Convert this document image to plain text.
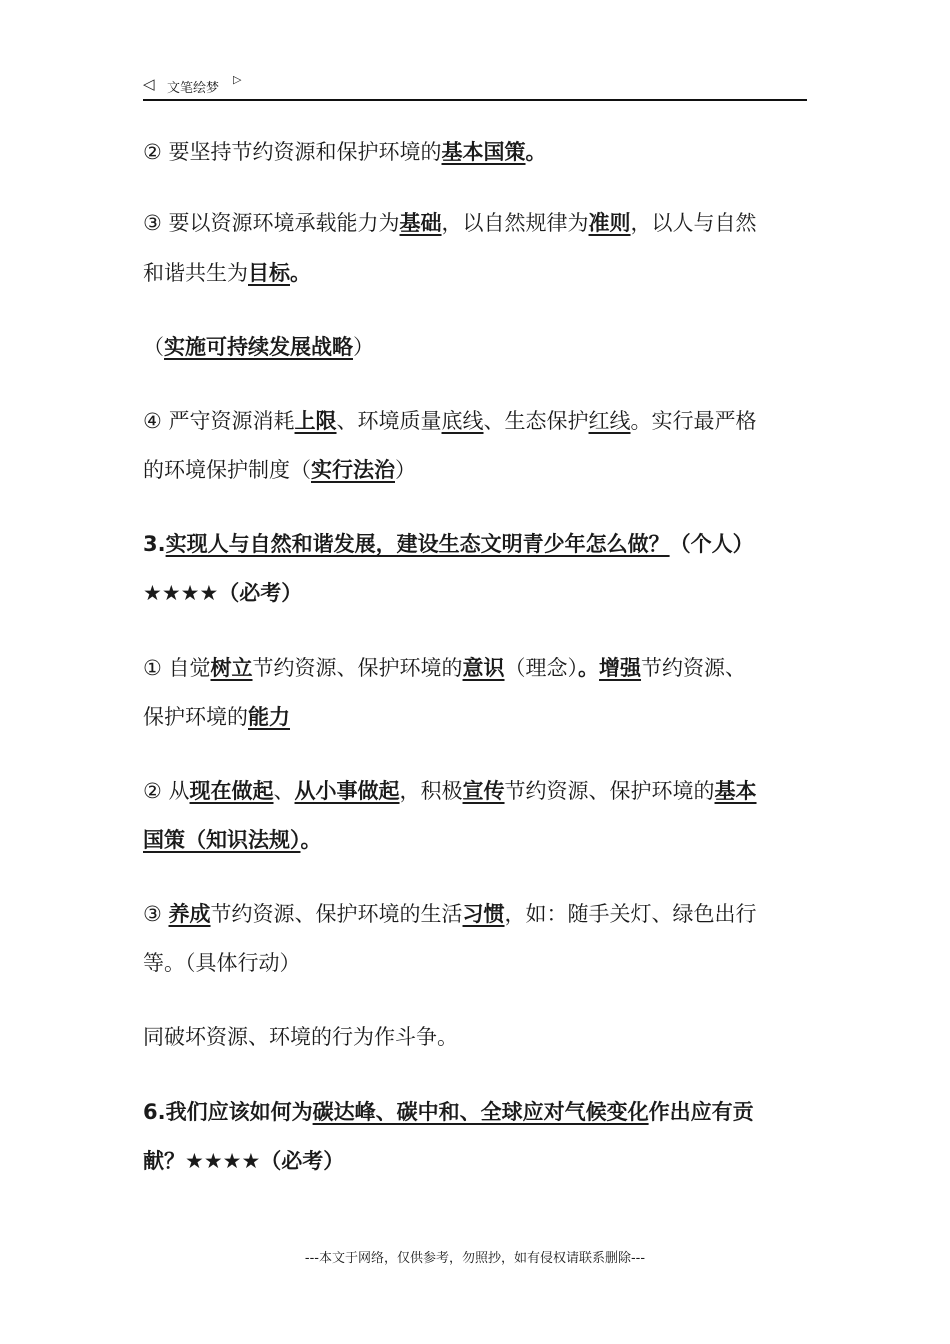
◁ 文笔绘梦
▷
② 要坚持节约资源和保护环境的基本国策。
③ 要以资源环境承载能力为基础，以自然规律为准则，以人与自然
和谐共生为目标。
（实施可持续发展战略）
④ 严守资源消耗上限、环境质量底线、生态保护红线。实行最严格
的环境保护制度（实行法治）
3.实现人与自然和谐发展，建设生态文明青少年怎么做？（个人）
★★★★（必考）
① 自觉树立节约资源、保护环境的意识（理念）。增强节约资源、
保护环境的能力
② 从现在做起、从小事做起，积极宣传节约资源、保护环境的基本
国策（知识法规）。
③ 养成节约资源、保护环境的生活习惯，如：随手关灯、绿色出行
等。（具体行动）
同破坏资源、环境的行为作斗争。
6.我们应该如何为碳达峰、碳中和、全球应对气候变化作出应有贡
献？★★★★（必考）
---本文于网络，仅供参考，勿照抄，如有侵权请联系删除---
